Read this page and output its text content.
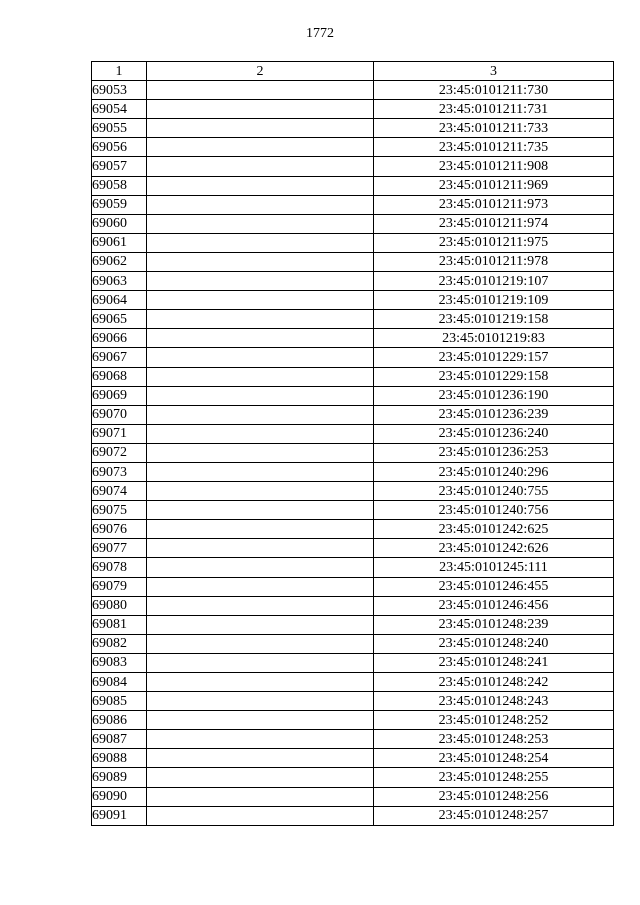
1772
1	2	3
69053		23:45:0101211:730
69054		23:45:0101211:731
69055		23:45:0101211:733
69056		23:45:0101211:735
69057		23:45:0101211:908
69058		23:45:0101211:969
69059		23:45:0101211:973
69060		23:45:0101211:974
69061		23:45:0101211:975
69062		23:45:0101211:978
69063		23:45:0101219:107
69064		23:45:0101219:109
69065		23:45:0101219:158
69066		23:45:0101219:83
69067		23:45:0101229:157
69068		23:45:0101229:158
69069		23:45:0101236:190
69070		23:45:0101236:239
69071		23:45:0101236:240
69072		23:45:0101236:253
69073		23:45:0101240:296
69074		23:45:0101240:755
69075		23:45:0101240:756
69076		23:45:0101242:625
69077		23:45:0101242:626
69078		23:45:0101245:111
69079		23:45:0101246:455
69080		23:45:0101246:456
69081		23:45:0101248:239
69082		23:45:0101248:240
69083		23:45:0101248:241
69084		23:45:0101248:242
69085		23:45:0101248:243
69086		23:45:0101248:252
69087		23:45:0101248:253
69088		23:45:0101248:254
69089		23:45:0101248:255
69090		23:45:0101248:256
69091		23:45:0101248:257
